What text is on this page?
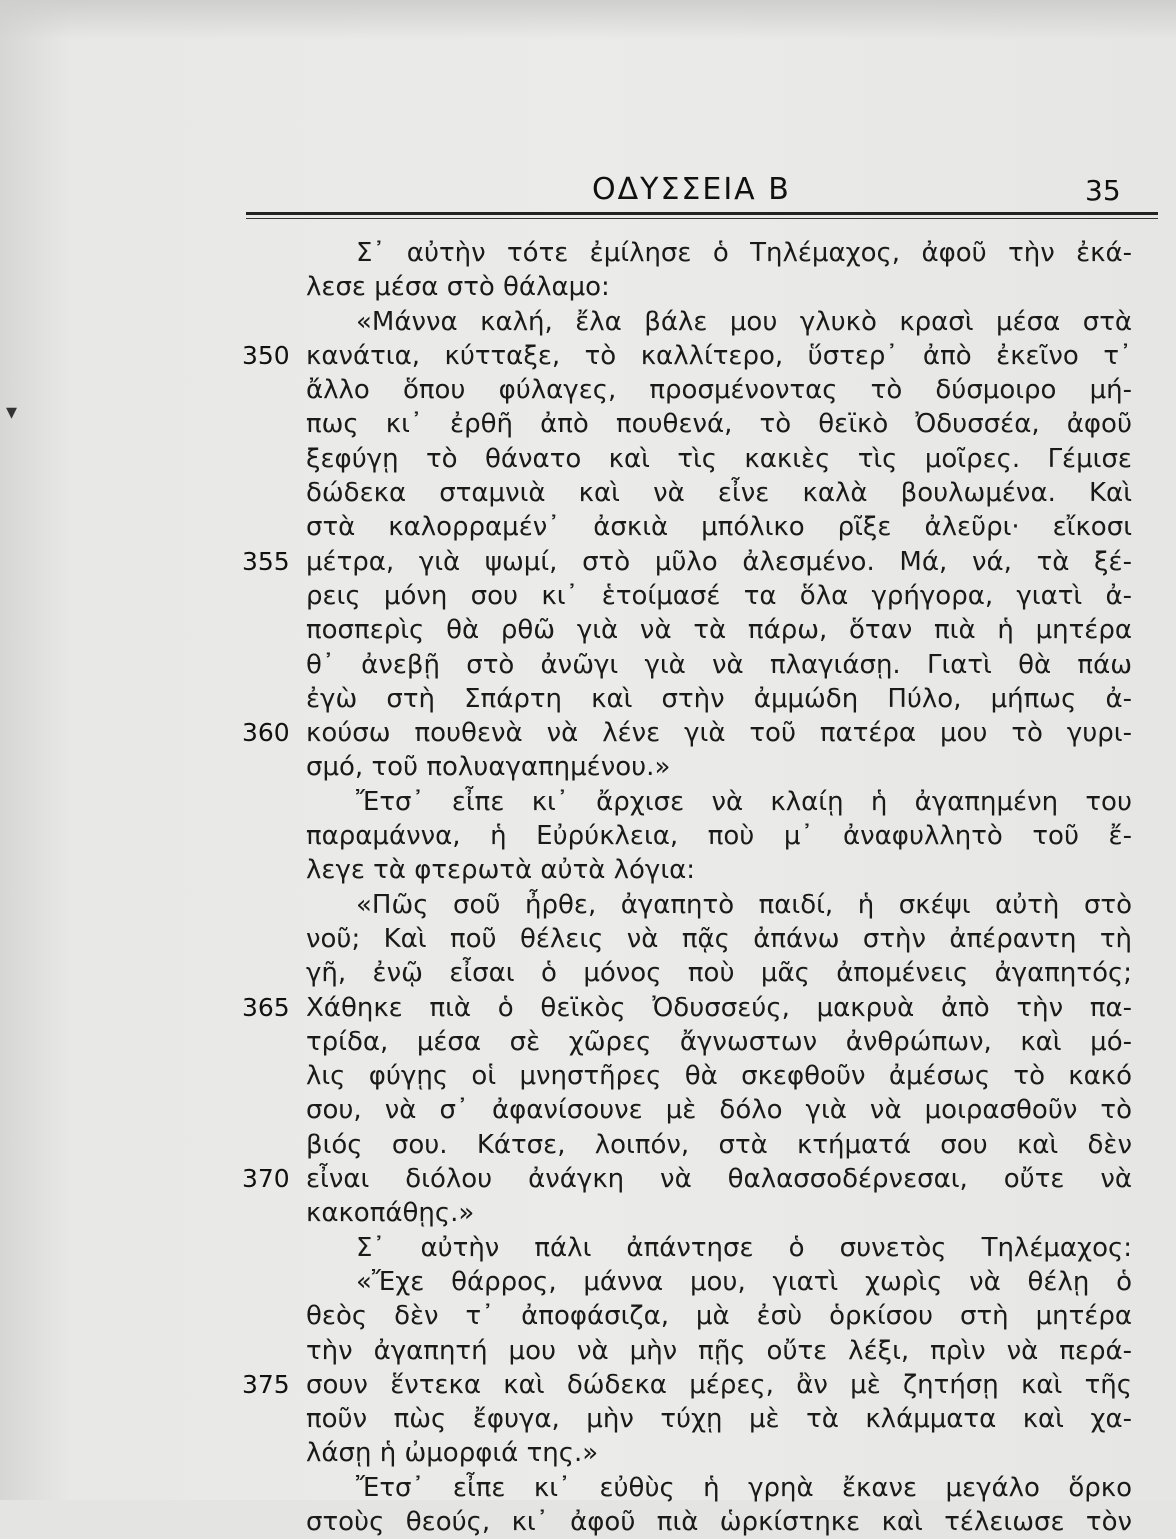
▾
ΟΔΥΣΣΕΙΑ Β	35
Σ᾿ αὐτὴν τότε ἐμίλησε ὁ Τηλέμαχος, ἀφοῦ τὴν ἐκά-
λεσε μέσα στὸ θάλαμο:
«Μάννα καλή, ἔλα βάλε μου γλυκὸ κρασὶ μέσα στὰ
350 κανάτια, κύτταξε, τὸ καλλίτερο, ὕστερ᾿ ἀπὸ ἐκεῖνο τ᾿
ἄλλο ὅπου φύλαγες, προσμένοντας τὸ δύσμοιρο μή-
πως κι᾿ ἐρθῆ ἀπὸ πουθενά, τὸ θεϊκὸ Ὀδυσσέα, ἀφοῦ
ξεφύγῃ τὸ θάνατο καὶ τὶς κακιὲς τὶς μοῖρες. Γέμισε
δώδεκα σταμνιὰ καὶ νὰ εἶνε καλὰ βουλωμένα. Καὶ
στὰ καλορραμέν᾿ ἀσκιὰ μπόλικο ρῖξε ἀλεῦρι· εἴκοσι
355 μέτρα, γιὰ ψωμί, στὸ μῦλο ἀλεσμένο. Μά, νά, τὰ ξέ-
ρεις μόνη σου κι᾿ ἑτοίμασέ τα ὅλα γρήγορα, γιατὶ ἀ-
ποσπερὶς θὰ ρθῶ γιὰ νὰ τὰ πάρω, ὅταν πιὰ ἡ μητέρα
θ᾿ ἀνεβῇ στὸ ἀνῶγι γιὰ νὰ πλαγιάσῃ. Γιατὶ θὰ πάω
ἐγὼ στὴ Σπάρτη καὶ στὴν ἀμμώδη Πύλο, μήπως ἀ-
360 κούσω πουθενὰ νὰ λένε γιὰ τοῦ πατέρα μου τὸ γυρι-
σμό, τοῦ πολυαγαπημένου.»
Ἔτσ᾿ εἶπε κι᾿ ἄρχισε νὰ κλαίῃ ἡ ἀγαπημένη του
παραμάννα, ἡ Εὐρύκλεια, ποὺ μ᾿ ἀναφυλλητὸ τοῦ ἔ-
λεγε τὰ φτερωτὰ αὐτὰ λόγια:
«Πῶς σοῦ ἦρθε, ἀγαπητὸ παιδί, ἡ σκέψι αὐτὴ στὸ
νοῦ; Καὶ ποῦ θέλεις νὰ πᾷς ἀπάνω στὴν ἀπέραντη τὴ
γῆ, ἐνῷ εἶσαι ὁ μόνος ποὺ μᾶς ἀπομένεις ἀγαπητός;
365 Χάθηκε πιὰ ὁ θεϊκὸς Ὀδυσσεύς, μακρυὰ ἀπὸ τὴν πα-
τρίδα, μέσα σὲ χῶρες ἄγνωστων ἀνθρώπων, καὶ μό-
λις φύγῃς οἱ μνηστῆρες θὰ σκεφθοῦν ἀμέσως τὸ κακό
σου, νὰ σ᾿ ἀφανίσουνε μὲ δόλο γιὰ νὰ μοιρασθοῦν τὸ
βιός σου. Κάτσε, λοιπόν, στὰ κτήματά σου καὶ δὲν
370 εἶναι διόλου ἀνάγκη νὰ θαλασσοδέρνεσαι, οὔτε νὰ
κακοπάθῃς.»
Σ᾿ αὐτὴν πάλι ἀπάντησε ὁ συνετὸς Τηλέμαχος:
«Ἔχε θάρρος, μάννα μου, γιατὶ χωρὶς νὰ θέλῃ ὁ
θεὸς δὲν τ᾿ ἀποφάσιζα, μὰ ἐσὺ ὁρκίσου στὴ μητέρα
τὴν ἀγαπητή μου νὰ μὴν πῇς οὔτε λέξι, πρὶν νὰ περά-
375 σουν ἕντεκα καὶ δώδεκα μέρες, ἂν μὲ ζητήσῃ καὶ τῆς
ποῦν πὼς ἔφυγα, μὴν τύχῃ μὲ τὰ κλάμματα καὶ χα-
λάσῃ ἡ ὠμορφιά της.»
Ἔτσ᾿ εἶπε κι᾿ εὐθὺς ἡ γρηὰ ἔκανε μεγάλο ὅρκο
στοὺς θεούς, κι᾿ ἀφοῦ πιὰ ὡρκίστηκε καὶ τέλειωσε τὸν
